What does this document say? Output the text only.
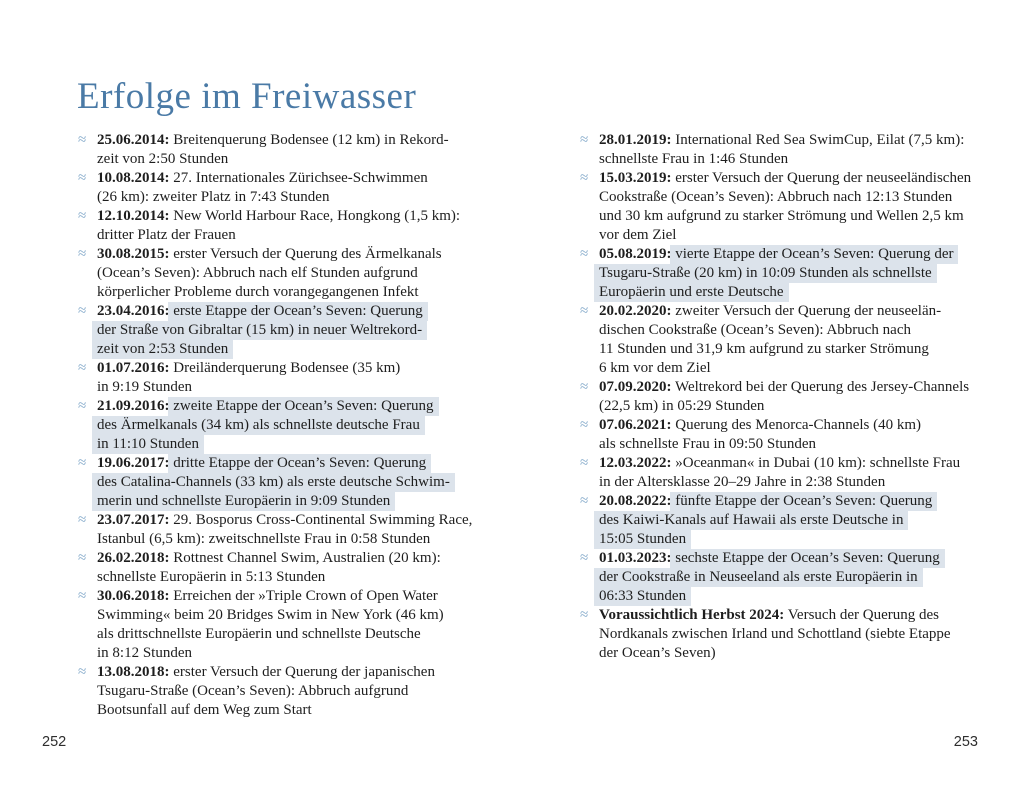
Erfolge im Freiwasser
≈ 25.06.2014: Breitenquerung Bodensee (12 km) in Rekord-
zeit von 2:50 Stunden
≈ 10.08.2014: 27. Internationales Zürichsee-Schwimmen
(26 km): zweiter Platz in 7:43 Stunden
≈ 12.10.2014: New World Harbour Race, Hongkong (1,5 km):
dritter Platz der Frauen
≈ 30.08.2015: erster Versuch der Querung des Ärmelkanals
(Ocean’s Seven): Abbruch nach elf Stunden aufgrund
körperlicher Probleme durch vorangegangenen Infekt
≈ 23.04.2016: erste Etappe der Ocean’s Seven: Querung
der Straße von Gibraltar (15 km) in neuer Weltrekord-
zeit von 2:53 Stunden
≈ 01.07.2016: Dreiländerquerung Bodensee (35 km)
in 9:19 Stunden
≈ 21.09.2016: zweite Etappe der Ocean’s Seven: Querung
des Ärmelkanals (34 km) als schnellste deutsche Frau
in 11:10 Stunden
≈ 19.06.2017: dritte Etappe der Ocean’s Seven: Querung
des Catalina-Channels (33 km) als erste deutsche Schwim-
merin und schnellste Europäerin in 9:09 Stunden
≈ 23.07.2017: 29. Bosporus Cross-Continental Swimming Race,
Istanbul (6,5 km): zweitschnellste Frau in 0:58 Stunden
≈ 26.02.2018: Rottnest Channel Swim, Australien (20 km):
schnellste Europäerin in 5:13 Stunden
≈ 30.06.2018: Erreichen der »Triple Crown of Open Water
Swimming« beim 20 Bridges Swim in New York (46 km)
als drittschnellste Europäerin und schnellste Deutsche
in 8:12 Stunden
≈ 13.08.2018: erster Versuch der Querung der japanischen
Tsugaru-Straße (Ocean’s Seven): Abbruch aufgrund
Bootsunfall auf dem Weg zum Start
≈ 28.01.2019: International Red Sea SwimCup, Eilat (7,5 km):
schnellste Frau in 1:46 Stunden
≈ 15.03.2019: erster Versuch der Querung der neuseeländischen
Cookstraße (Ocean’s Seven): Abbruch nach 12:13 Stunden
und 30 km aufgrund zu starker Strömung und Wellen 2,5 km
vor dem Ziel
≈ 05.08.2019: vierte Etappe der Ocean’s Seven: Querung der
Tsugaru-Straße (20 km) in 10:09 Stunden als schnellste
Europäerin und erste Deutsche
≈ 20.02.2020: zweiter Versuch der Querung der neuseelän-
dischen Cookstraße (Ocean’s Seven): Abbruch nach
11 Stunden und 31,9 km aufgrund zu starker Strömung
6 km vor dem Ziel
≈ 07.09.2020: Weltrekord bei der Querung des Jersey-Channels
(22,5 km) in 05:29 Stunden
≈ 07.06.2021: Querung des Menorca-Channels (40 km)
als schnellste Frau in 09:50 Stunden
≈ 12.03.2022: »Oceanman« in Dubai (10 km): schnellste Frau
in der Altersklasse 20–29 Jahre in 2:38 Stunden
≈ 20.08.2022: fünfte Etappe der Ocean’s Seven: Querung
des Kaiwi-Kanals auf Hawaii als erste Deutsche in
15:05 Stunden
≈ 01.03.2023: sechste Etappe der Ocean’s Seven: Querung
der Cookstraße in Neuseeland als erste Europäerin in
06:33 Stunden
≈ Voraussichtlich Herbst 2024: Versuch der Querung des
Nordkanals zwischen Irland und Schottland (siebte Etappe
der Ocean’s Seven)
252	253
